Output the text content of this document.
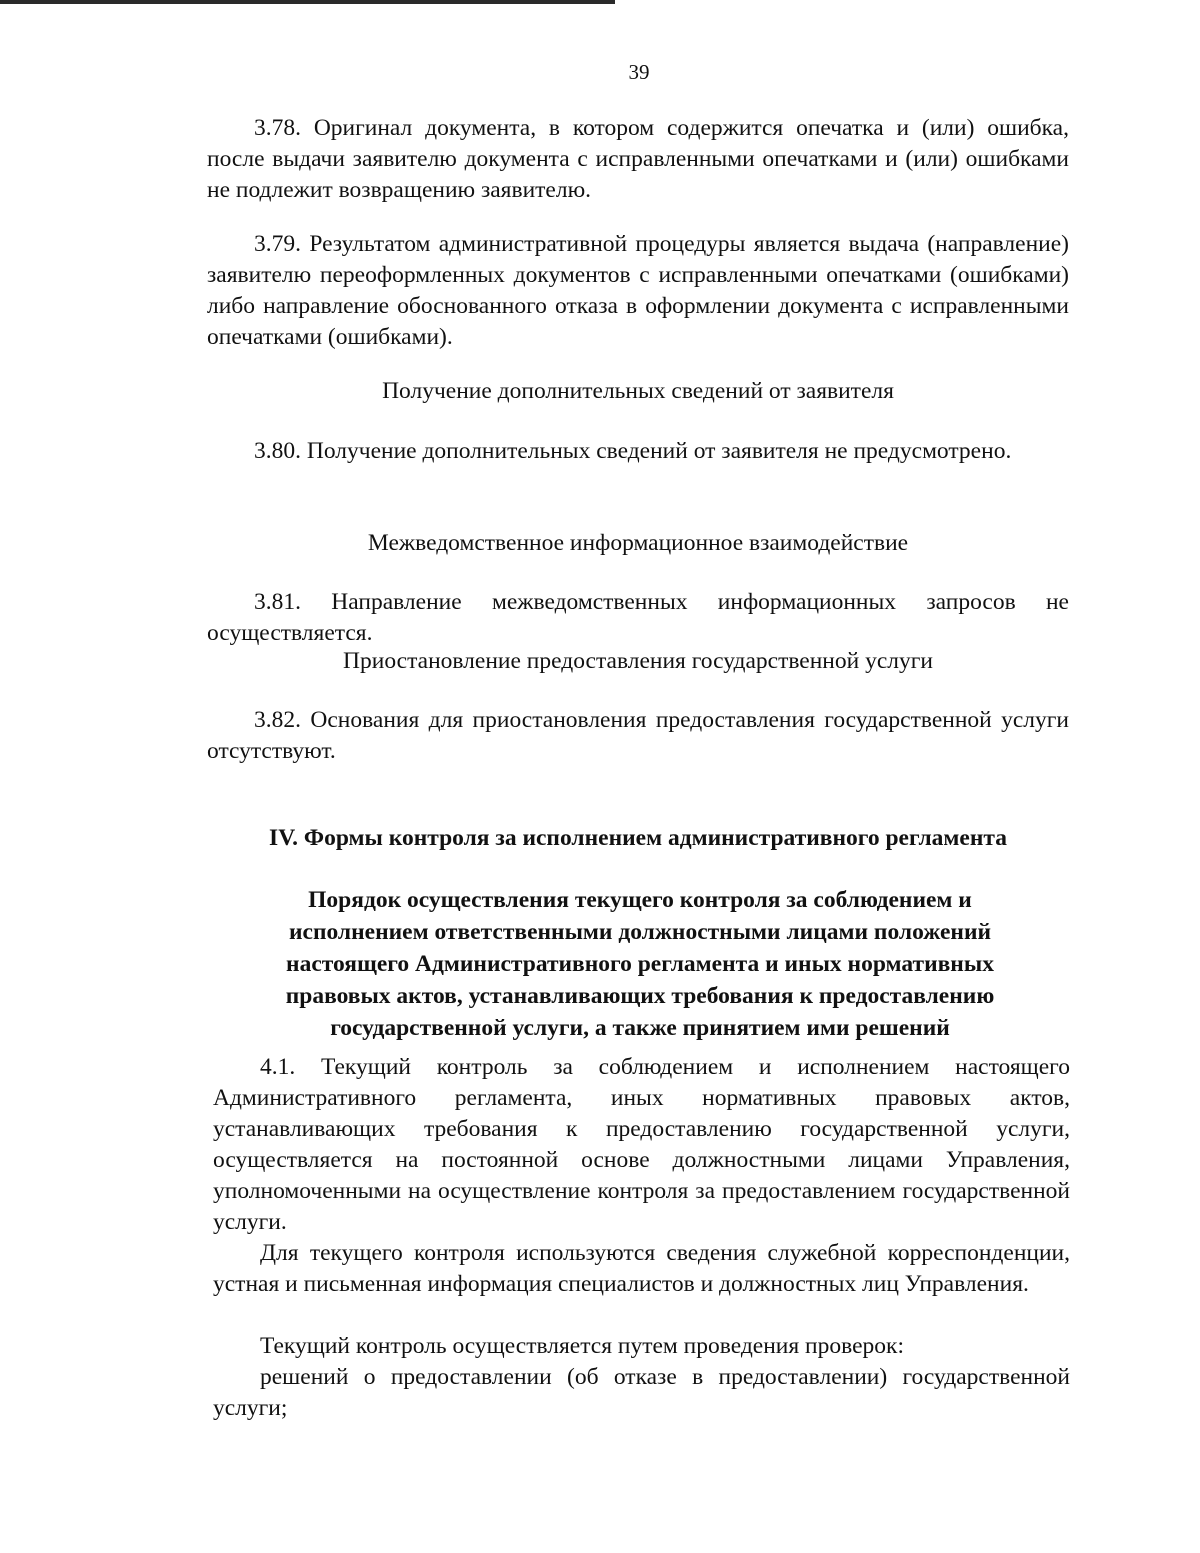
39

3.78. Оригинал документа, в котором содержится опечатка и (или) ошибка, после выдачи заявителю документа с исправленными опечатками и (или) ошибками не подлежит возвращению заявителю.

3.79. Результатом административной процедуры является выдача (направление) заявителю переоформленных документов с исправленными опечатками (ошибками) либо направление обоснованного отказа в оформлении документа с исправленными опечатками (ошибками).

Получение дополнительных сведений от заявителя

3.80. Получение дополнительных сведений от заявителя не предусмотрено.

Межведомственное информационное взаимодействие

3.81. Направление межведомственных информационных запросов не осуществляется.

Приостановление предоставления государственной услуги

3.82. Основания для приостановления предоставления государственной услуги отсутствуют.

IV. Формы контроля за исполнением административного регламента

Порядок осуществления текущего контроля за соблюдением и исполнением ответственными должностными лицами положений настоящего Административного регламента и иных нормативных правовых актов, устанавливающих требования к предоставлению государственной услуги, а также принятием ими решений

4.1. Текущий контроль за соблюдением и исполнением настоящего Административного регламента, иных нормативных правовых актов, устанавливающих требования к предоставлению государственной услуги, осуществляется на постоянной основе должностными лицами Управления, уполномоченными на осуществление контроля за предоставлением государственной услуги.

Для текущего контроля используются сведения служебной корреспонденции, устная и письменная информация специалистов и должностных лиц Управления.

Текущий контроль осуществляется путем проведения проверок:

решений о предоставлении (об отказе в предоставлении) государственной услуги;
